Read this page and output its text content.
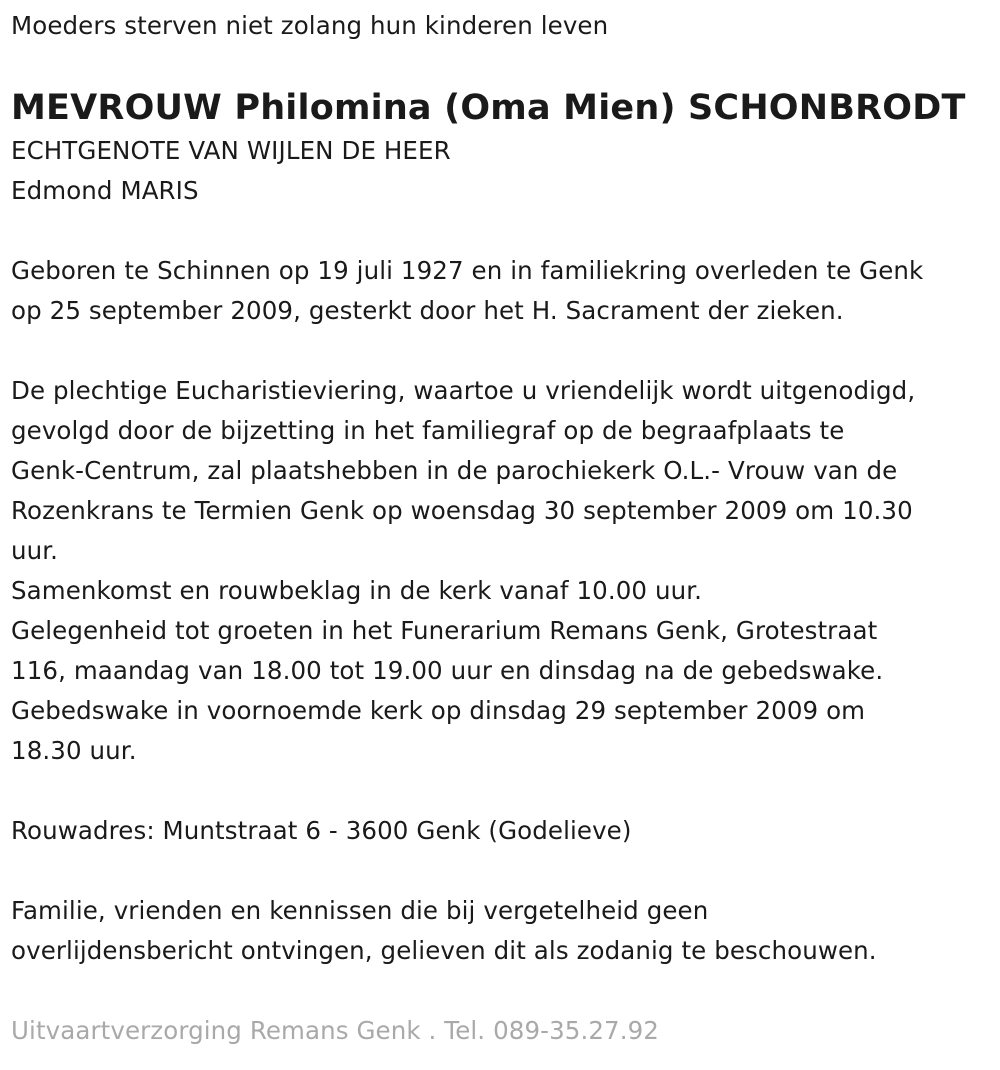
Moeders sterven niet zolang hun kinderen leven

MEVROUW Philomina (Oma Mien) SCHONBRODT

ECHTGENOTE VAN WIJLEN DE HEER

Edmond MARIS

Geboren te Schinnen op 19 juli 1927 en in familiekring overleden te Genk

op 25 september 2009, gesterkt door het H. Sacrament der zieken.

De plechtige Eucharistieviering, waartoe u vriendelijk wordt uitgenodigd,

gevolgd door de bijzetting in het familiegraf op de begraafplaats te

Genk-Centrum, zal plaatshebben in de parochiekerk O.L.- Vrouw van de

Rozenkrans te Termien Genk op woensdag 30 september 2009 om 10.30

uur.

Samenkomst en rouwbeklag in de kerk vanaf 10.00 uur.

Gelegenheid tot groeten in het Funerarium Remans Genk, Grotestraat

116, maandag van 18.00 tot 19.00 uur en dinsdag na de gebedswake.

Gebedswake in voornoemde kerk op dinsdag 29 september 2009 om

18.30 uur.

Rouwadres: Muntstraat 6 - 3600 Genk (Godelieve)

Familie, vrienden en kennissen die bij vergetelheid geen

overlijdensbericht ontvingen, gelieven dit als zodanig te beschouwen.

Uitvaartverzorging Remans Genk . Tel. 089-35.27.92
